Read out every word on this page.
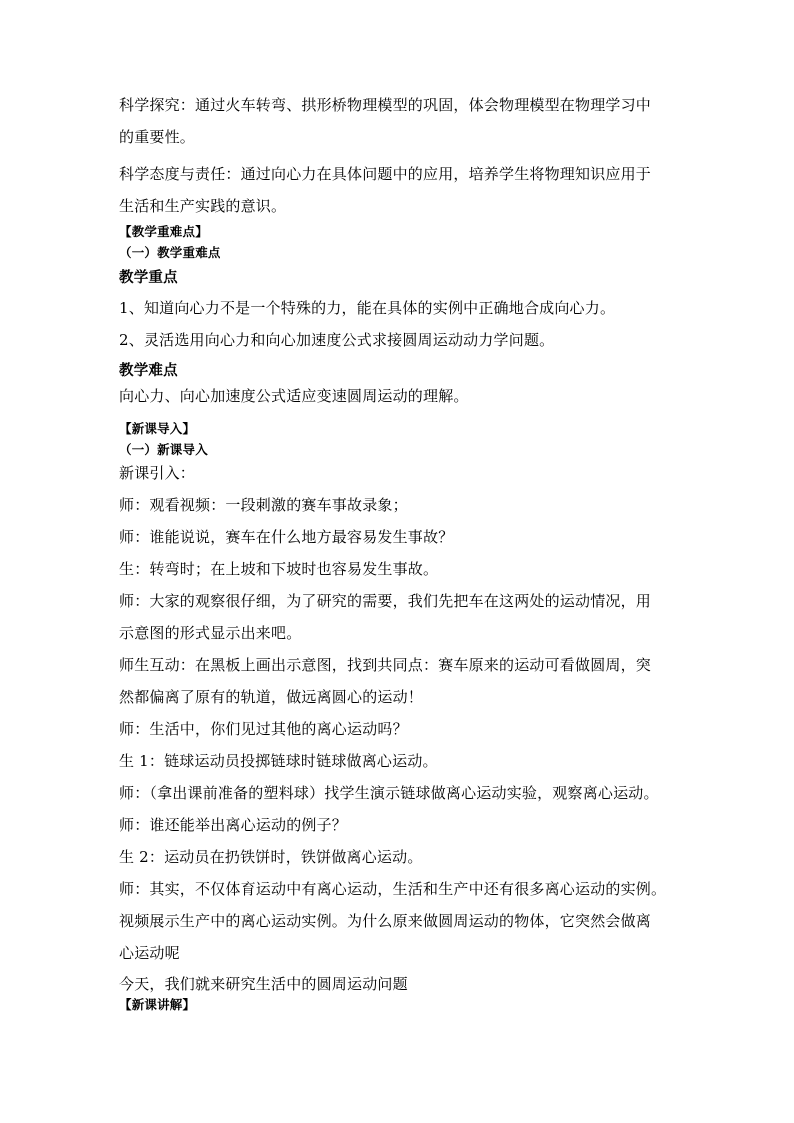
科学探究：通过火车转弯、拱形桥物理模型的巩固，体会物理模型在物理学习中
的重要性。
科学态度与责任：通过向心力在具体问题中的应用，培养学生将物理知识应用于
生活和生产实践的意识。
【教学重难点】
（一）教学重难点
教学重点
1、知道向心力不是一个特殊的力，能在具体的实例中正确地合成向心力。
2、灵活选用向心力和向心加速度公式求接圆周运动动力学问题。
教学难点
向心力、向心加速度公式适应变速圆周运动的理解。
【新课导入】
（一）新课导入
新课引入：
师：观看视频：一段刺激的赛车事故录象；
师：谁能说说，赛车在什么地方最容易发生事故？
生：转弯时；在上坡和下坡时也容易发生事故。
师：大家的观察很仔细，为了研究的需要，我们先把车在这两处的运动情况，用
示意图的形式显示出来吧。
师生互动：在黑板上画出示意图，找到共同点：赛车原来的运动可看做圆周，突
然都偏离了原有的轨道，做远离圆心的运动！
师：生活中，你们见过其他的离心运动吗？
生 1：链球运动员投掷链球时链球做离心运动。
师：（拿出课前准备的塑料球）找学生演示链球做离心运动实验，观察离心运动。
师：谁还能举出离心运动的例子？
生 2：运动员在扔铁饼时，铁饼做离心运动。
师：其实，不仅体育运动中有离心运动，生活和生产中还有很多离心运动的实例。
视频展示生产中的离心运动实例。为什么原来做圆周运动的物体，它突然会做离
心运动呢
今天，我们就来研究生活中的圆周运动问题
【新课讲解】
